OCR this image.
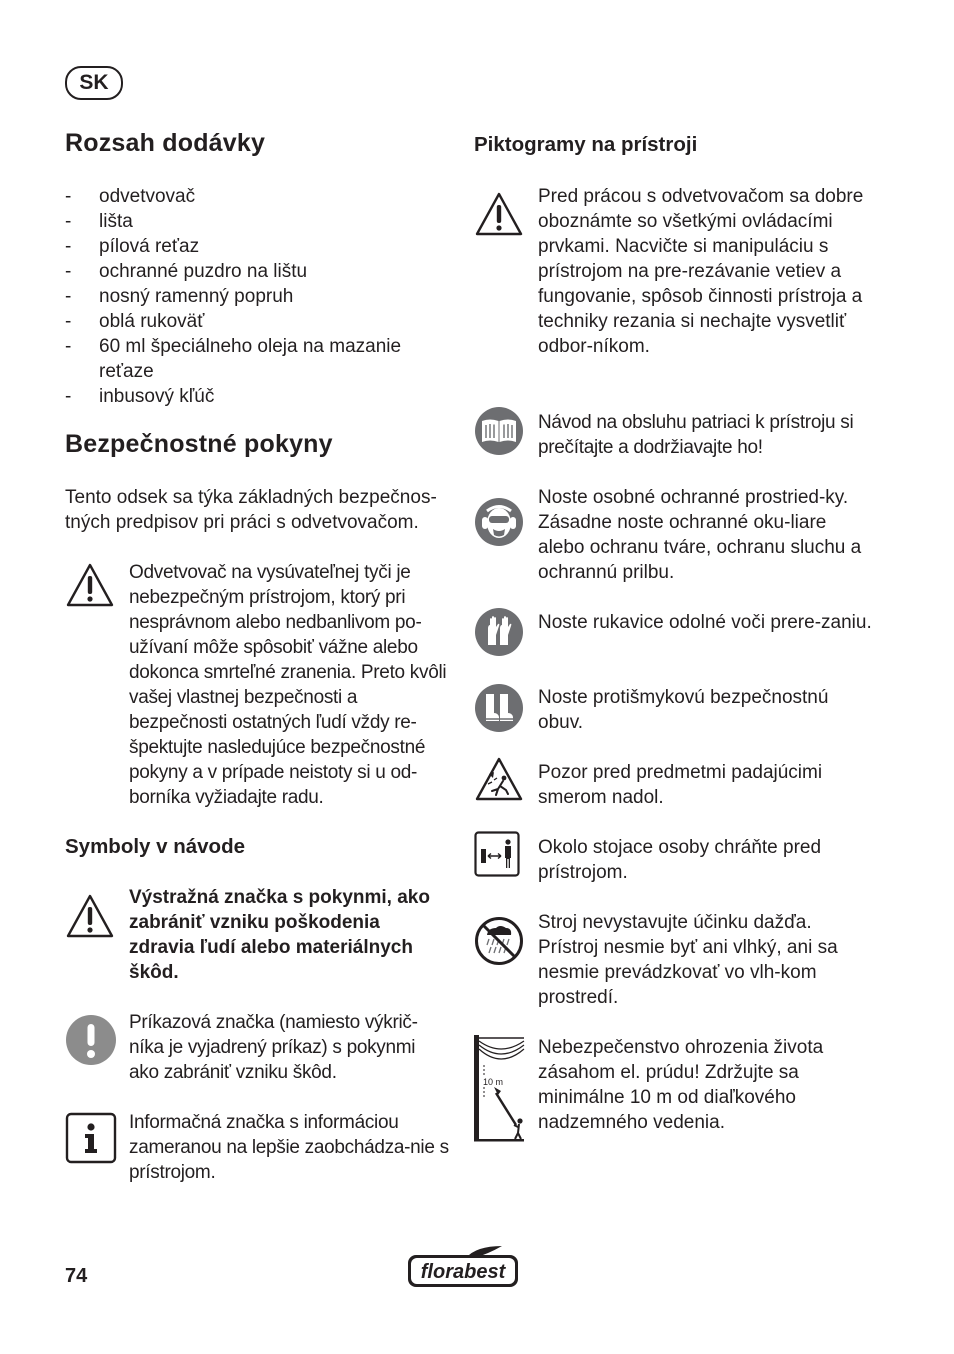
SK
Rozsah dodávky
- odvetvovač
- lišta
- pílová reťaz
- ochranné puzdro na lištu
- nosný ramenný popruh
- oblá rukoväť
- 60 ml špeciálneho oleja na mazanie reťaze
- inbusový kľúč
Bezpečnostné pokyny
Tento odsek sa týka základných bezpečnos-tných predpisov pri práci s odvetvovačom.
Odvetvovač na vysúvateľnej tyči je nebezpečným prístrojom, ktorý pri nesprávnom alebo nedbanlivom po-užívaní môže spôsobiť vážne alebo dokonca smrteľné zranenia. Preto kvôli vašej vlastnej bezpečnosti a bezpečnosti ostatných ľudí vždy re-špektujte nasledujúce bezpečnostné pokyny a v prípade neistoty si u od-borníka vyžiadajte radu.
Symboly v návode
Výstražná značka s pokynmi, ako zabrániť vzniku poškodenia zdravia ľudí alebo materiálnych škôd.
Príkazová značka (namiesto výkrič-níka je vyjadrený príkaz) s pokynmi ako zabrániť vzniku škôd.
Informačná značka s informáciou zameranou na lepšie zaobchádza-nie s prístrojom.
Piktogramy na prístroji
Pred prácou s odvetvovačom sa dobre oboznámte so všetkými ovládacími prvkami. Nacvičte si manipuláciu s prístrojom na pre-rezávanie vetiev a fungovanie, spôsob činnosti prístroja a techniky rezania si nechajte vysvetliť odbor-níkom.
Návod na obsluhu patriaci k prístroju si prečítajte a dodržiavajte ho!
Noste osobné ochranné prostried-ky. Zásadne noste ochranné oku-liare alebo ochranu tváre, ochranu sluchu a ochrannú prilbu.
Noste rukavice odolné voči prere-zaniu.
Noste protišmykovú bezpečnostnú obuv.
Pozor pred predmetmi padajúcimi smerom nadol.
Okolo stojace osoby chráňte pred prístrojom.
Stroj nevystavujte účinku dažďa. Prístroj nesmie byť ani vlhký, ani sa nesmie prevádzkovať vo vlh-kom prostredí.
10 m
Nebezpečenstvo ohrozenia života zásahom el. prúdu! Zdržujte sa minimálne 10 m od diaľkového nadzemného vedenia.
74	florabest
